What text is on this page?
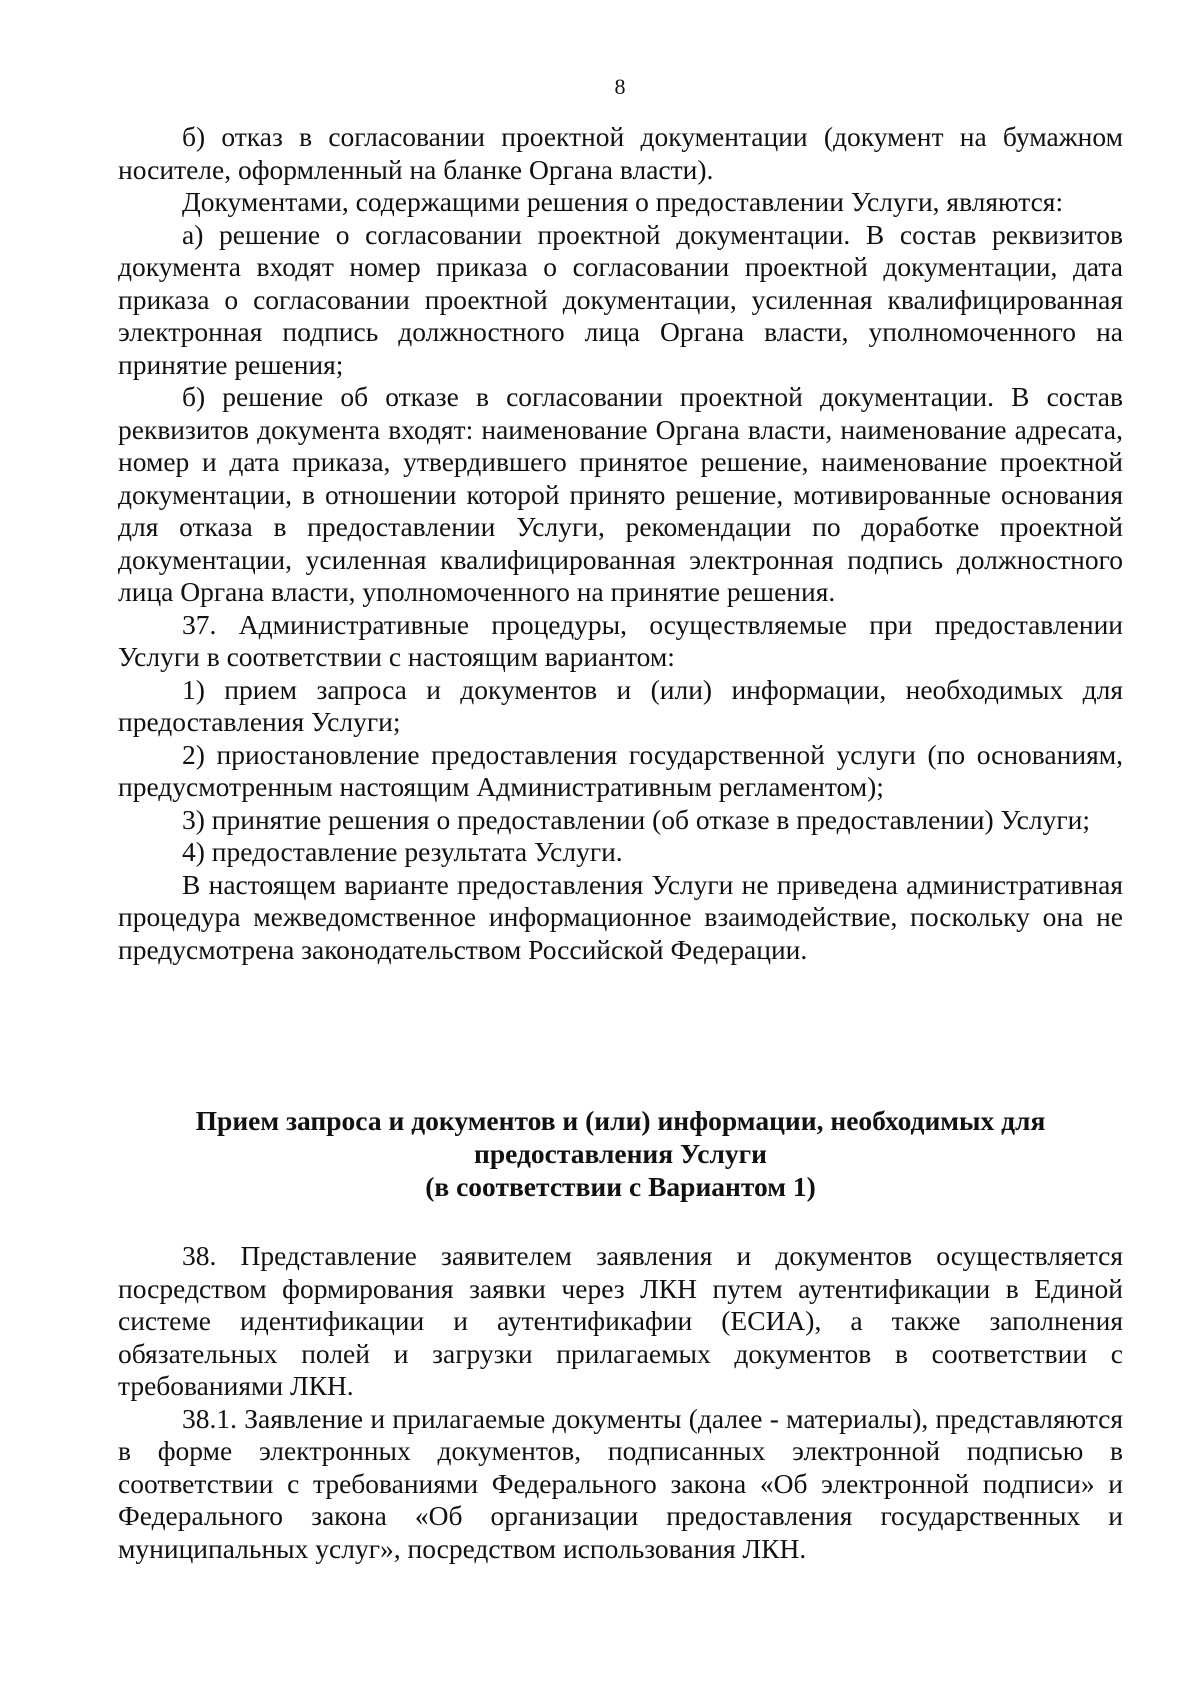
8

б) отказ в согласовании проектной документации (документ на бумажном носителе, оформленный на бланке Органа власти).

Документами, содержащими решения о предоставлении Услуги, являются:

а) решение о согласовании проектной документации. В состав реквизитов документа входят номер приказа о согласовании проектной документации, дата приказа о согласовании проектной документации, усиленная квалифицированная электронная подпись должностного лица Органа власти, уполномоченного на принятие решения;

б) решение об отказе в согласовании проектной документации. В состав реквизитов документа входят: наименование Органа власти, наименование адресата, номер и дата приказа, утвердившего принятое решение, наименование проектной документации, в отношении которой принято решение, мотивированные основания для отказа в предоставлении Услуги, рекомендации по доработке проектной документации, усиленная квалифицированная электронная подпись должностного лица Органа власти, уполномоченного на принятие решения.

37. Административные процедуры, осуществляемые при предоставлении Услуги в соответствии с настоящим вариантом:

1) прием запроса и документов и (или) информации, необходимых для предоставления Услуги;

2) приостановление предоставления государственной услуги (по основаниям, предусмотренным настоящим Административным регламентом);

3) принятие решения о предоставлении (об отказе в предоставлении) Услуги;

4) предоставление результата Услуги.

В настоящем варианте предоставления Услуги не приведена административная процедура межведомственное информационное взаимодействие, поскольку она не предусмотрена законодательством Российской Федерации.

Прием запроса и документов и (или) информации, необходимых для
предоставления Услуги
(в соответствии с Вариантом 1)

38. Представление заявителем заявления и документов осуществляется посредством формирования заявки через ЛКН путем аутентификации в Единой системе идентификации и аутентификафии (ЕСИА), а также заполнения обязательных полей и загрузки прилагаемых документов в соответствии с требованиями ЛКН.

38.1. Заявление и прилагаемые документы (далее - материалы), представляются в форме электронных документов, подписанных электронной подписью в соответствии с требованиями Федерального закона «Об электронной подписи» и Федерального закона «Об организации предоставления государственных и муниципальных услуг», посредством использования ЛКН.
